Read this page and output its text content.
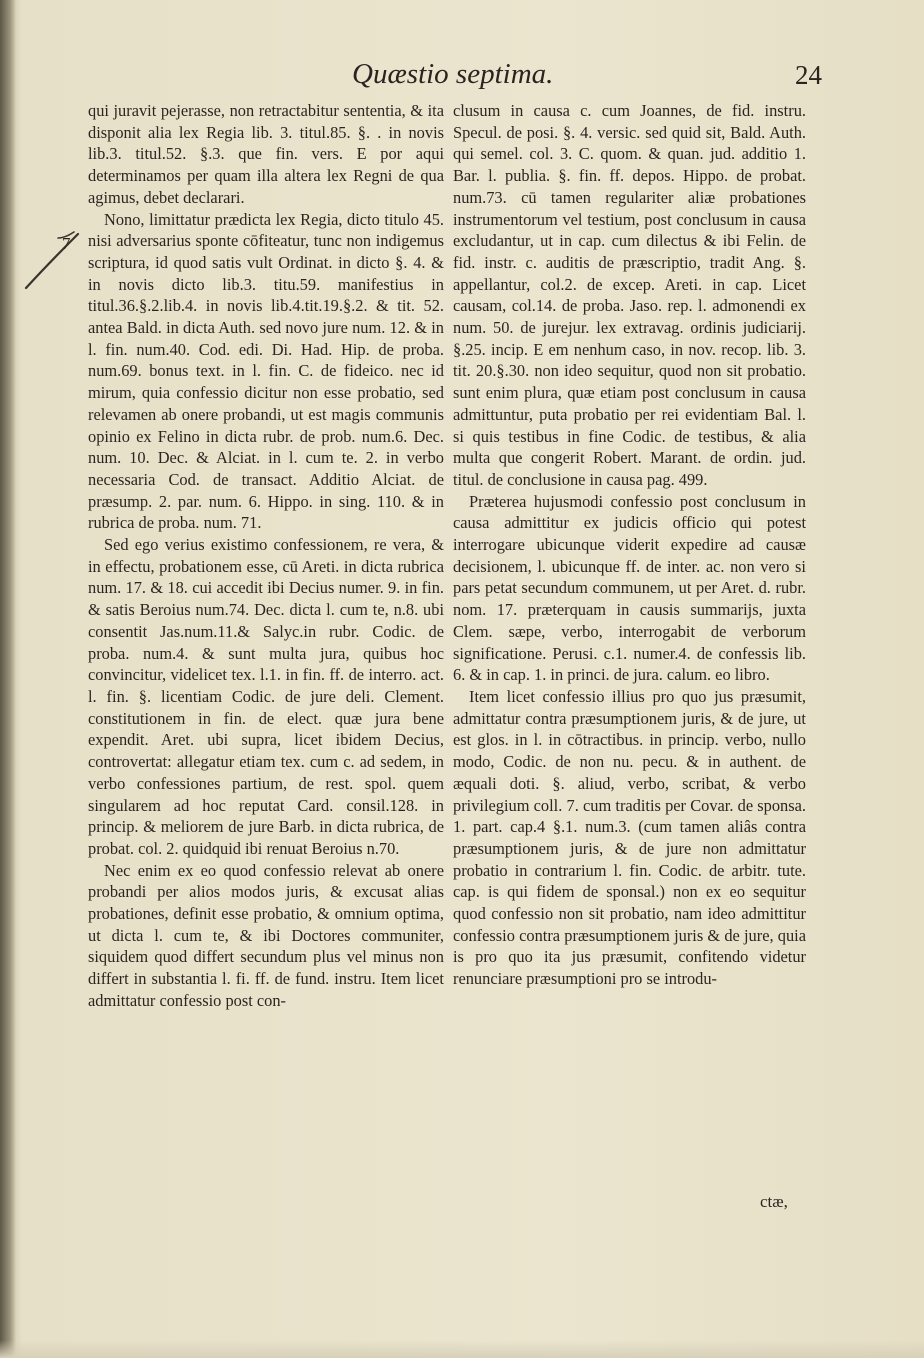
Quæstio septima.	24
7

qui juravit pejerasse, non retractabitur sententia, & ita disponit alia lex Regia lib. 3. titul.85. §. . in novis lib.3. titul.52. §.3. que fin. vers. E por aqui determinamos per quam illa altera lex Regni de qua agimus, debet declarari.

Nono, limittatur prædicta lex Regia, dicto titulo 45. nisi adversarius sponte cōfiteatur, tunc non indigemus scriptura, id quod satis vult Ordinat. in dicto §. 4. & in novis dicto lib.3. titu.59. manifestius in titul.36.§.2.lib.4. in novis lib.4.tit.19.§.2. & tit. 52. antea Bald. in dicta Auth. sed novo jure num. 12. & in l. fin. num.40. Cod. edi. Di. Had. Hip. de proba. num.69. bonus text. in l. fin. C. de fideico. nec id mirum, quia confessio dicitur non esse probatio, sed relevamen ab onere probandi, ut est magis communis opinio ex Felino in dicta rubr. de prob. num.6. Dec. num. 10. Dec. & Alciat. in l. cum te. 2. in verbo necessaria Cod. de transact. Additio Alciat. de præsump. 2. par. num. 6. Hippo. in sing. 110. & in rubrica de proba. num. 71.

Sed ego verius existimo confessionem, re vera, & in effectu, probationem esse, cū Areti. in dicta rubrica num. 17. & 18. cui accedit ibi Decius numer. 9. in fin. & satis Beroius num.74. Dec. dicta l. cum te, n.8. ubi consentit Jas.num.11.& Salyc.in rubr. Codic. de proba. num.4. & sunt multa jura, quibus hoc convincitur, videlicet tex. l.1. in fin. ff. de interro. act. l. fin. §. licentiam Codic. de jure deli. Clement. constitutionem in fin. de elect. quæ jura bene expendit. Aret. ubi supra, licet ibidem Decius, controvertat: allegatur etiam tex. cum c. ad sedem, in verbo confessiones partium, de rest. spol. quem singularem ad hoc reputat Card. consil.128. in princip. & meliorem de jure Barb. in dicta rubrica, de probat. col. 2. quidquid ibi renuat Beroius n.70.

Nec enim ex eo quod confessio relevat ab onere probandi per alios modos juris, & excusat alias probationes, definit esse probatio, & omnium optima, ut dicta l. cum te, & ibi Doctores communiter, siquidem quod differt secundum plus vel minus non differt in substantia l. fi. ff. de fund. instru. Item licet admittatur confessio post con-

clusum in causa c. cum Joannes, de fid. instru. Specul. de posi. §. 4. versic. sed quid sit, Bald. Auth. qui semel. col. 3. C. quom. & quan. jud. additio 1. Bar. l. publia. §. fin. ff. depos. Hippo. de probat. num.73. cū tamen regulariter aliæ probationes instrumentorum vel testium, post conclusum in causa excludantur, ut in cap. cum dilectus & ibi Felin. de fid. instr. c. auditis de præscriptio, tradit Ang. §. appellantur, col.2. de excep. Areti. in cap. Licet causam, col.14. de proba. Jaso. rep. l. admonendi ex num. 50. de jurejur. lex extravag. ordinis judiciarij. §.25. incip. E em nenhum caso, in nov. recop. lib. 3. tit. 20.§.30. non ideo sequitur, quod non sit probatio. sunt enim plura, quæ etiam post conclusum in causa admittuntur, puta probatio per rei evidentiam Bal. l. si quis testibus in fine Codic. de testibus, & alia multa que congerit Robert. Marant. de ordin. jud. titul. de conclusione in causa pag. 499.

Præterea hujusmodi confessio post conclusum in causa admittitur ex judicis officio qui potest interrogare ubicunque viderit expedire ad causæ decisionem, l. ubicunque ff. de inter. ac. non vero si pars petat secundum communem, ut per Aret. d. rubr. nom. 17. præterquam in causis summarijs, juxta Clem. sæpe, verbo, interrogabit de verborum significatione. Perusi. c.1. numer.4. de confessis lib. 6. & in cap. 1. in princi. de jura. calum. eo libro.

Item licet confessio illius pro quo jus præsumit, admittatur contra præsumptionem juris, & de jure, ut est glos. in l. in cōtractibus. in princip. verbo, nullo modo, Codic. de non nu. pecu. & in authent. de æquali doti. §. aliud, verbo, scribat, & verbo privilegium coll. 7. cum traditis per Covar. de sponsa. 1. part. cap.4 §.1. num.3. (cum tamen aliâs contra præsumptionem juris, & de jure non admittatur probatio in contrarium l. fin. Codic. de arbitr. tute. cap. is qui fidem de sponsal.) non ex eo sequitur quod confessio non sit probatio, nam ideo admittitur confessio contra præsumptionem juris & de jure, quia is pro quo ita jus præsumit, confitendo videtur renunciare præsumptioni pro se introdu-

ctæ,
